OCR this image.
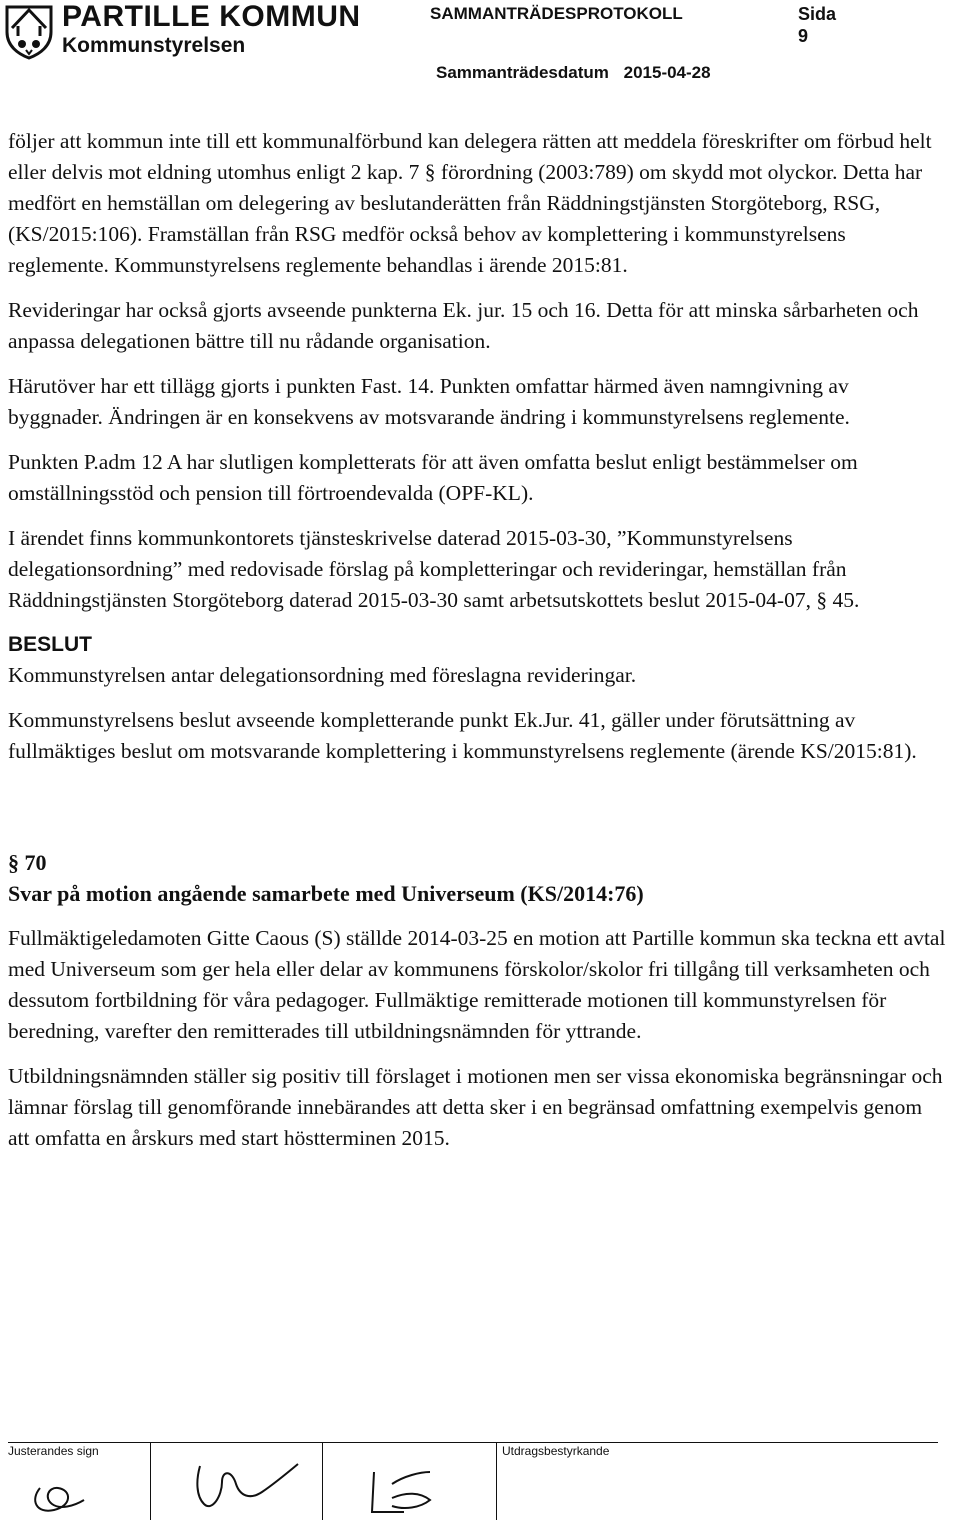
PARTILLE KOMMUN
Kommunstyrelsen
SAMMANTRÄDESPROTOKOLL	Sida
9
Sammanträdesdatum 2015-04-28

följer att kommun inte till ett kommunalförbund kan delegera rätten att meddela föreskrifter om förbud helt eller delvis mot eldning utomhus enligt 2 kap. 7 § förordning (2003:789) om skydd mot olyckor. Detta har medfört en hemställan om delegering av beslutanderätten från Räddningstjänsten Storgöteborg, RSG, (KS/2015:106). Framställan från RSG medför också behov av komplettering i kommunstyrelsens reglemente. Kommunstyrelsens reglemente behandlas i ärende 2015:81.

Revideringar har också gjorts avseende punkterna Ek. jur. 15 och 16. Detta för att minska sårbarheten och anpassa delegationen bättre till nu rådande organisation.

Härutöver har ett tillägg gjorts i punkten Fast. 14. Punkten omfattar härmed även namngivning av byggnader. Ändringen är en konsekvens av motsvarande ändring i kommunstyrelsens reglemente.

Punkten P.adm 12 A har slutligen kompletterats för att även omfatta beslut enligt bestämmelser om omställningsstöd och pension till förtroendevalda (OPF-KL).

I ärendet finns kommunkontorets tjänsteskrivelse daterad 2015-03-30, ”Kommunstyrelsens delegationsordning” med redovisade förslag på kompletteringar och revideringar, hemställan från Räddningstjänsten Storgöteborg daterad 2015-03-30 samt arbetsutskottets beslut 2015-04-07, § 45.

BESLUT

Kommunstyrelsen antar delegationsordning med föreslagna revideringar.

Kommunstyrelsens beslut avseende kompletterande punkt Ek.Jur. 41, gäller under förutsättning av fullmäktiges beslut om motsvarande komplettering i kommunstyrelsens reglemente (ärende KS/2015:81).

§ 70
Svar på motion angående samarbete med Universeum (KS/2014:76)

Fullmäktigeledamoten Gitte Caous (S) ställde 2014-03-25 en motion att Partille kommun ska teckna ett avtal med Universeum som ger hela eller delar av kommunens förskolor/skolor fri tillgång till verksamheten och dessutom fortbildning för våra pedagoger. Fullmäktige remitterade motionen till kommunstyrelsen för beredning, varefter den remitterades till utbildningsnämnden för yttrande.

Utbildningsnämnden ställer sig positiv till förslaget i motionen men ser vissa ekonomiska begränsningar och lämnar förslag till genomförande innebärandes att detta sker i en begränsad omfattning exempelvis genom att omfatta en årskurs med start höstterminen 2015.

Justerandes sign	Utdragsbestyrkande
